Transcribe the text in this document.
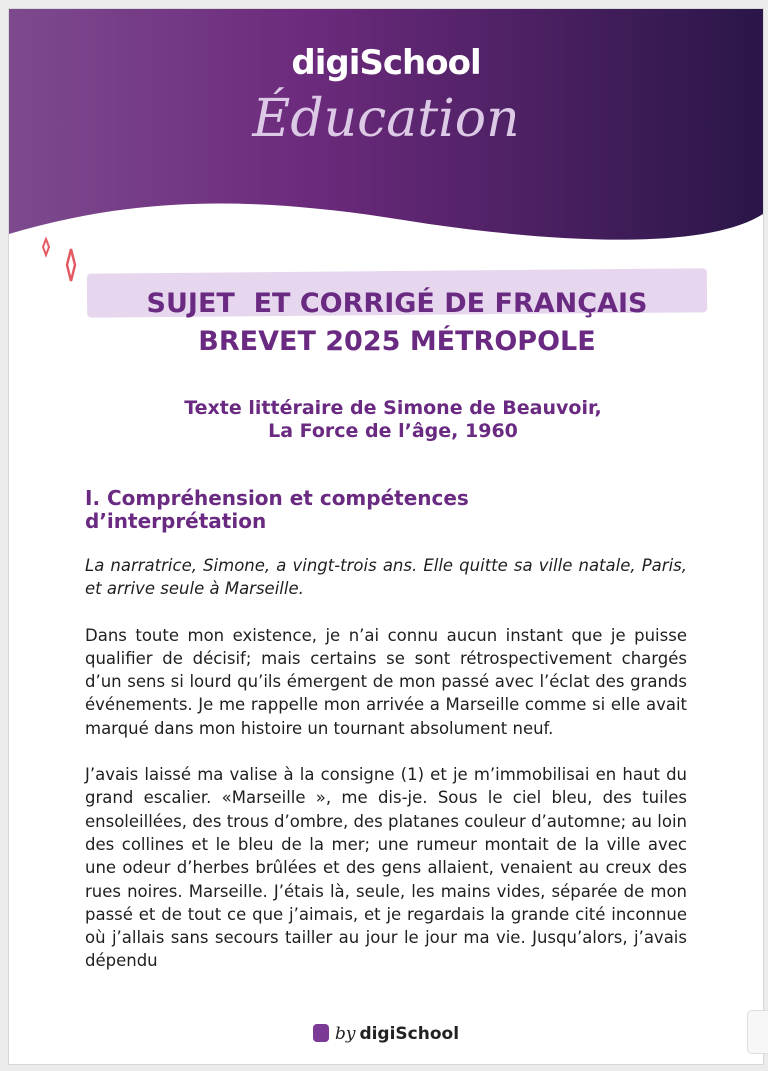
digiSchool
Éducation
SUJET  ET CORRIGÉ DE FRANÇAIS
BREVET 2025 MÉTROPOLE
Texte littéraire de Simone de Beauvoir,
La Force de l’âge, 1960
I. Compréhension et compétences
d’interprétation

La narratrice, Simone, a vingt-trois ans. Elle quitte sa ville natale, Paris, et arrive seule à Marseille.

Dans toute mon existence, je n’ai connu aucun instant que je puisse qualifier de décisif; mais certains se sont rétrospectivement chargés d’un sens si lourd qu’ils émergent de mon passé avec l’éclat des grands événements. Je me rappelle mon arrivée a Marseille comme si elle avait marqué dans mon histoire un tournant absolument neuf.

J’avais laissé ma valise à la consigne (1) et je m’immobilisai en haut du grand escalier. «Marseille », me dis-je. Sous le ciel bleu, des tuiles ensoleillées, des trous d’ombre, des platanes couleur d’automne; au loin des collines et le bleu de la mer; une rumeur montait de la ville avec une odeur d’herbes brûlées et des gens allaient, venaient au creux des rues noires. Marseille. J’étais là, seule, les mains vides, séparée de mon passé et de tout ce que j’aimais, et je regardais la grande cité inconnue où j’allais sans secours tailler au jour le jour ma vie. Jusqu’alors, j’avais dépendu

by digiSchool
